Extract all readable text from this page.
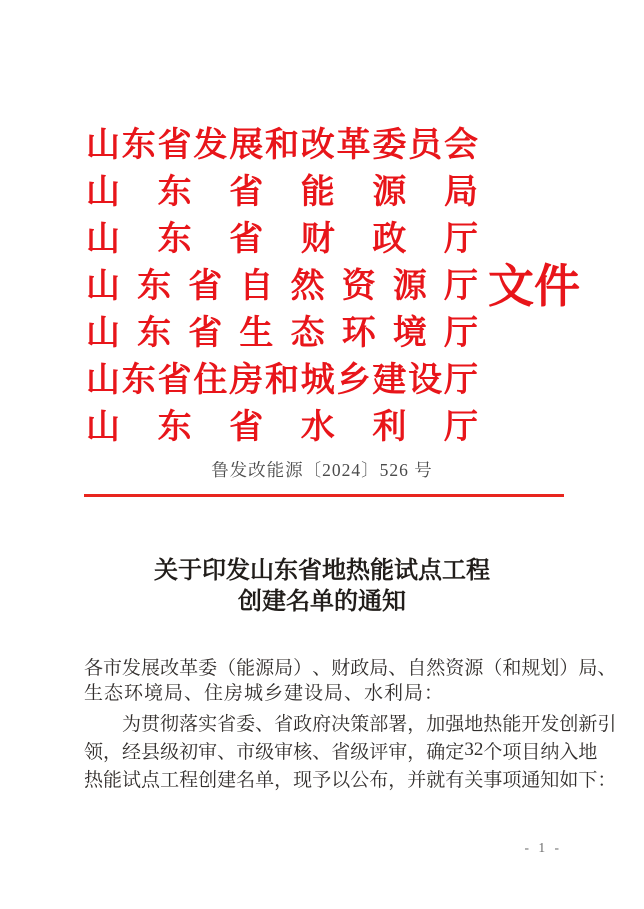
山 东 省 发 展 和 改 革 委 员 会
山 东 省 能 源 局
山 东 省 财 政 厅
山 东 省 自 然 资 源 厅
山 东 省 生 态 环 境 厅
山 东 省 住 房 和 城 乡 建 设 厅
山 东 省 水 利 厅
文件
鲁发改能源〔2024〕526 号
关于印发山东省地热能试点工程
创建名单的通知
各 市 发 展 改 革 委 （ 能 源 局 ） 、 财 政 局 、 自 然 资 源 （ 和 规 划 ） 局 、
生态环境局、住房城乡建设局、水利局：
为 贯 彻 落 实 省 委 、 省 政 府 决 策 部 署 ， 加 强 地 热 能 开 发 创 新 引
领 ， 经 县 级 初 审 、 市 级 审 核 、 省 级 评 审 ， 确 定 32 个 项 目 纳 入 地
热 能 试 点 工 程 创 建 名 单 ， 现 予 以 公 布 ， 并 就 有 关 事 项 通 知 如 下 ：
- 1 -
